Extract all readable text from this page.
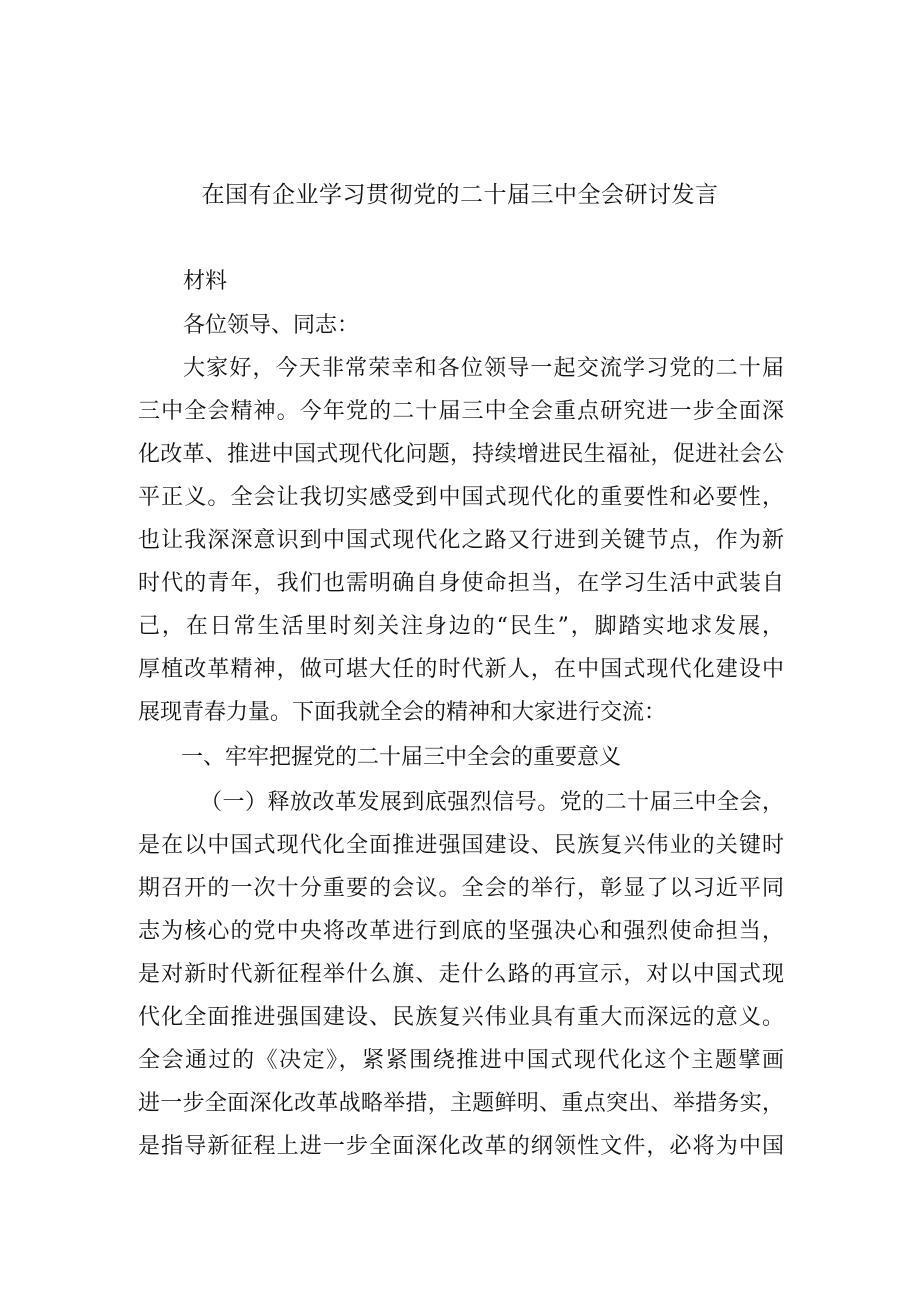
在国有企业学习贯彻党的二十届三中全会研讨发言
材料
各位领导、同志：
大家好，今天非常荣幸和各位领导一起交流学习党的二十届
三中全会精神。今年党的二十届三中全会重点研究进一步全面深
化改革、推进中国式现代化问题，持续增进民生福祉，促进社会公
平正义。全会让我切实感受到中国式现代化的重要性和必要性，
也让我深深意识到中国式现代化之路又行进到关键节点，作为新
时代的青年，我们也需明确自身使命担当，在学习生活中武装自
己，在日常生活里时刻关注身边的“民生”，脚踏实地求发展，
厚植改革精神，做可堪大任的时代新人，在中国式现代化建设中
展现青春力量。下面我就全会的精神和大家进行交流：
一、牢牢把握党的二十届三中全会的重要意义
（一）释放改革发展到底强烈信号。党的二十届三中全会，
是在以中国式现代化全面推进强国建设、民族复兴伟业的关键时
期召开的一次十分重要的会议。全会的举行，彰显了以习近平同
志为核心的党中央将改革进行到底的坚强决心和强烈使命担当，
是对新时代新征程举什么旗、走什么路的再宣示，对以中国式现
代化全面推进强国建设、民族复兴伟业具有重大而深远的意义。
全会通过的《决定》，紧紧围绕推进中国式现代化这个主题擘画
进一步全面深化改革战略举措，主题鲜明、重点突出、举措务实，
是指导新征程上进一步全面深化改革的纲领性文件，必将为中国
